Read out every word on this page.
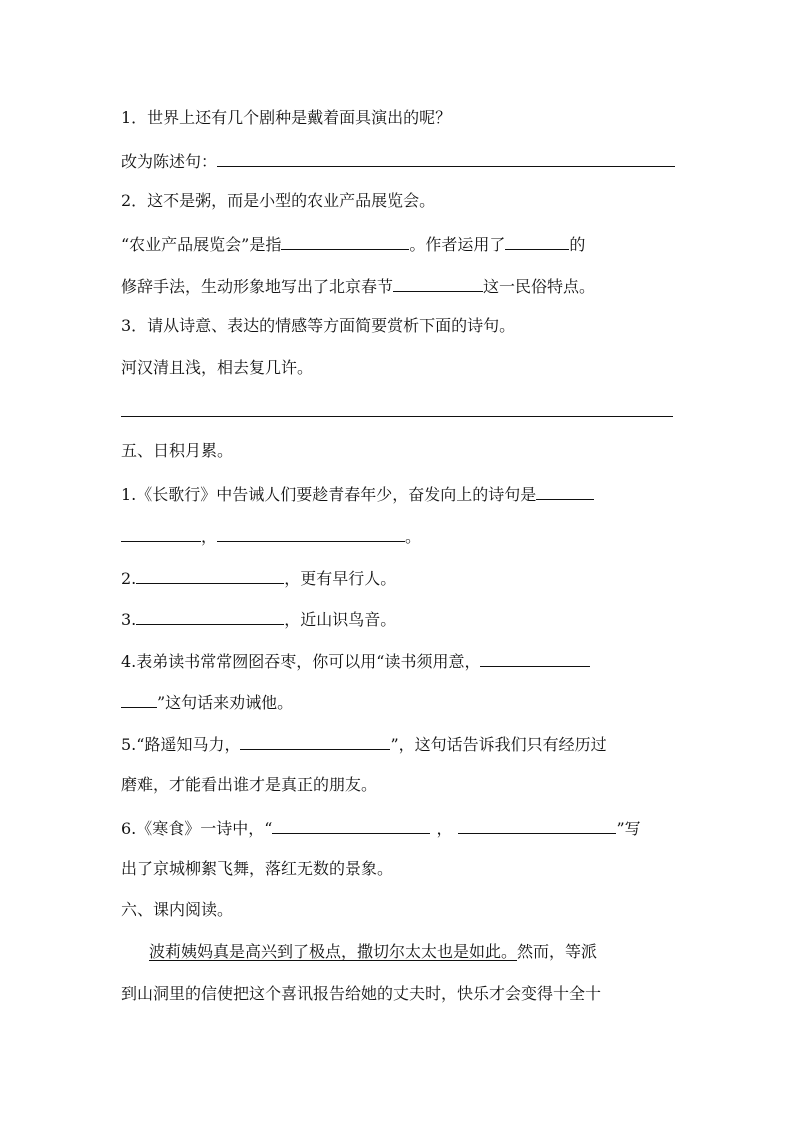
1．世界上还有几个剧种是戴着面具演出的呢？
改为陈述句：
2．这不是粥，而是小型的农业产品展览会。
“农业产品展览会”是指	。作者运用了	的
修辞手法，生动形象地写出了北京春节	这一民俗特点。
3．请从诗意、表达的情感等方面简要赏析下面的诗句。
河汉清且浅，相去复几许。
五、日积月累。
1.《长歌行》中告诫人们要趁青春年少，奋发向上的诗句是
，	。
2.	，更有早行人。
3.	，近山识鸟音。
4.表弟读书常常囫囵吞枣，你可以用“读书须用意，
”这句话来劝诫他。
5.“路遥知马力，	”，这句话告诉我们只有经历过
磨难，才能看出谁才是真正的朋友。
6.《寒食》一诗中，“	，	”写
出了京城柳絮飞舞，落红无数的景象。
六、课内阅读。
波莉姨妈真是高兴到了极点，撒切尔太太也是如此。然而，等派
到山洞里的信使把这个喜讯报告给她的丈夫时，快乐才会变得十全十
